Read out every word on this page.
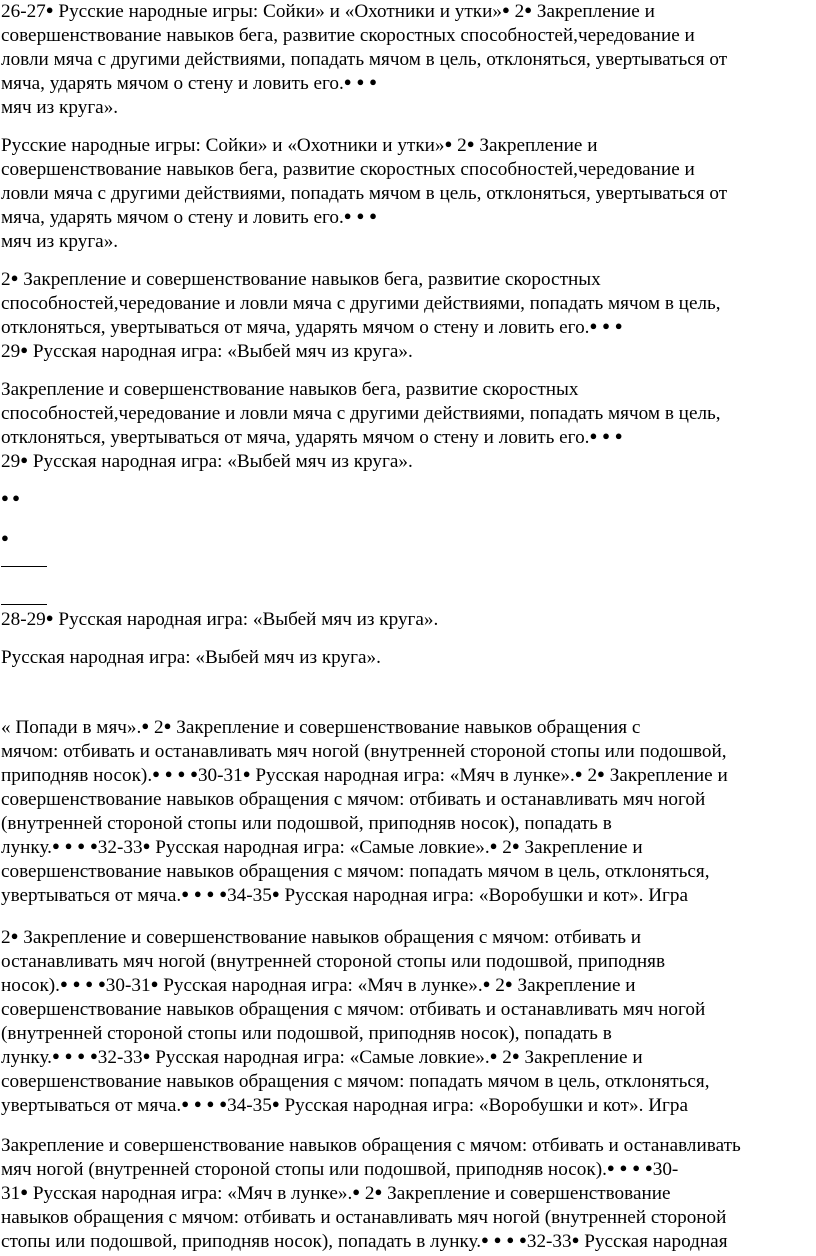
26-27● Русские народные игры: Сойки» и «Охотники и утки»● 2● Закрепление и
совершенствование навыков бега, развитие скоростных способностей,чередование и
ловли мяча с другими действиями, попадать мячом в цель, отклоняться, увертываться от
мяча, ударять мячом о стену и ловить его.● ● ●
мяч из круга».
Русские народные игры: Сойки» и «Охотники и утки»● 2● Закрепление и
совершенствование навыков бега, развитие скоростных способностей,чередование и
ловли мяча с другими действиями, попадать мячом в цель, отклоняться, увертываться от
мяча, ударять мячом о стену и ловить его.● ● ●
мяч из круга».
2● Закрепление и совершенствование навыков бега, развитие скоростных
способностей,чередование и ловли мяча с другими действиями, попадать мячом в цель,
отклоняться, увертываться от мяча, ударять мячом о стену и ловить его.● ● ●
29● Русская народная игра: «Выбей мяч из круга».
Закрепление и совершенствование навыков бега, развитие скоростных
способностей,чередование и ловли мяча с другими действиями, попадать мячом в цель,
отклоняться, увертываться от мяча, ударять мячом о стену и ловить его.● ● ●
29● Русская народная игра: «Выбей мяч из круга».
● ●
●
28-29● Русская народная игра: «Выбей мяч из круга».
Русская народная игра: «Выбей мяч из круга».
« Попади в мяч».● 2● Закрепление и совершенствование навыков обращения с
мячом: отбивать и останавливать мяч ногой (внутренней стороной стопы или подошвой,
приподняв носок).● ● ● ●30-31● Русская народная игра: «Мяч в лунке».● 2● Закрепление и
совершенствование навыков обращения с мячом: отбивать и останавливать мяч ногой
(внутренней стороной стопы или подошвой, приподняв носок), попадать в
лунку.● ● ● ●32-33● Русская народная игра: «Самые ловкие».● 2● Закрепление и
совершенствование навыков обращения с мячом: попадать мячом в цель, отклоняться,
увертываться от мяча.● ● ● ●34-35● Русская народная игра: «Воробушки и кот». Игра
2● Закрепление и совершенствование навыков обращения с мячом: отбивать и
останавливать мяч ногой (внутренней стороной стопы или подошвой, приподняв
носок).● ● ● ●30-31● Русская народная игра: «Мяч в лунке».● 2● Закрепление и
совершенствование навыков обращения с мячом: отбивать и останавливать мяч ногой
(внутренней стороной стопы или подошвой, приподняв носок), попадать в
лунку.● ● ● ●32-33● Русская народная игра: «Самые ловкие».● 2● Закрепление и
совершенствование навыков обращения с мячом: попадать мячом в цель, отклоняться,
увертываться от мяча.● ● ● ●34-35● Русская народная игра: «Воробушки и кот». Игра
Закрепление и совершенствование навыков обращения с мячом: отбивать и останавливать
мяч ногой (внутренней стороной стопы или подошвой, приподняв носок).● ● ● ●30-
31● Русская народная игра: «Мяч в лунке».● 2● Закрепление и совершенствование
навыков обращения с мячом: отбивать и останавливать мяч ногой (внутренней стороной
стопы или подошвой, приподняв носок), попадать в лунку.● ● ● ●32-33● Русская народная
